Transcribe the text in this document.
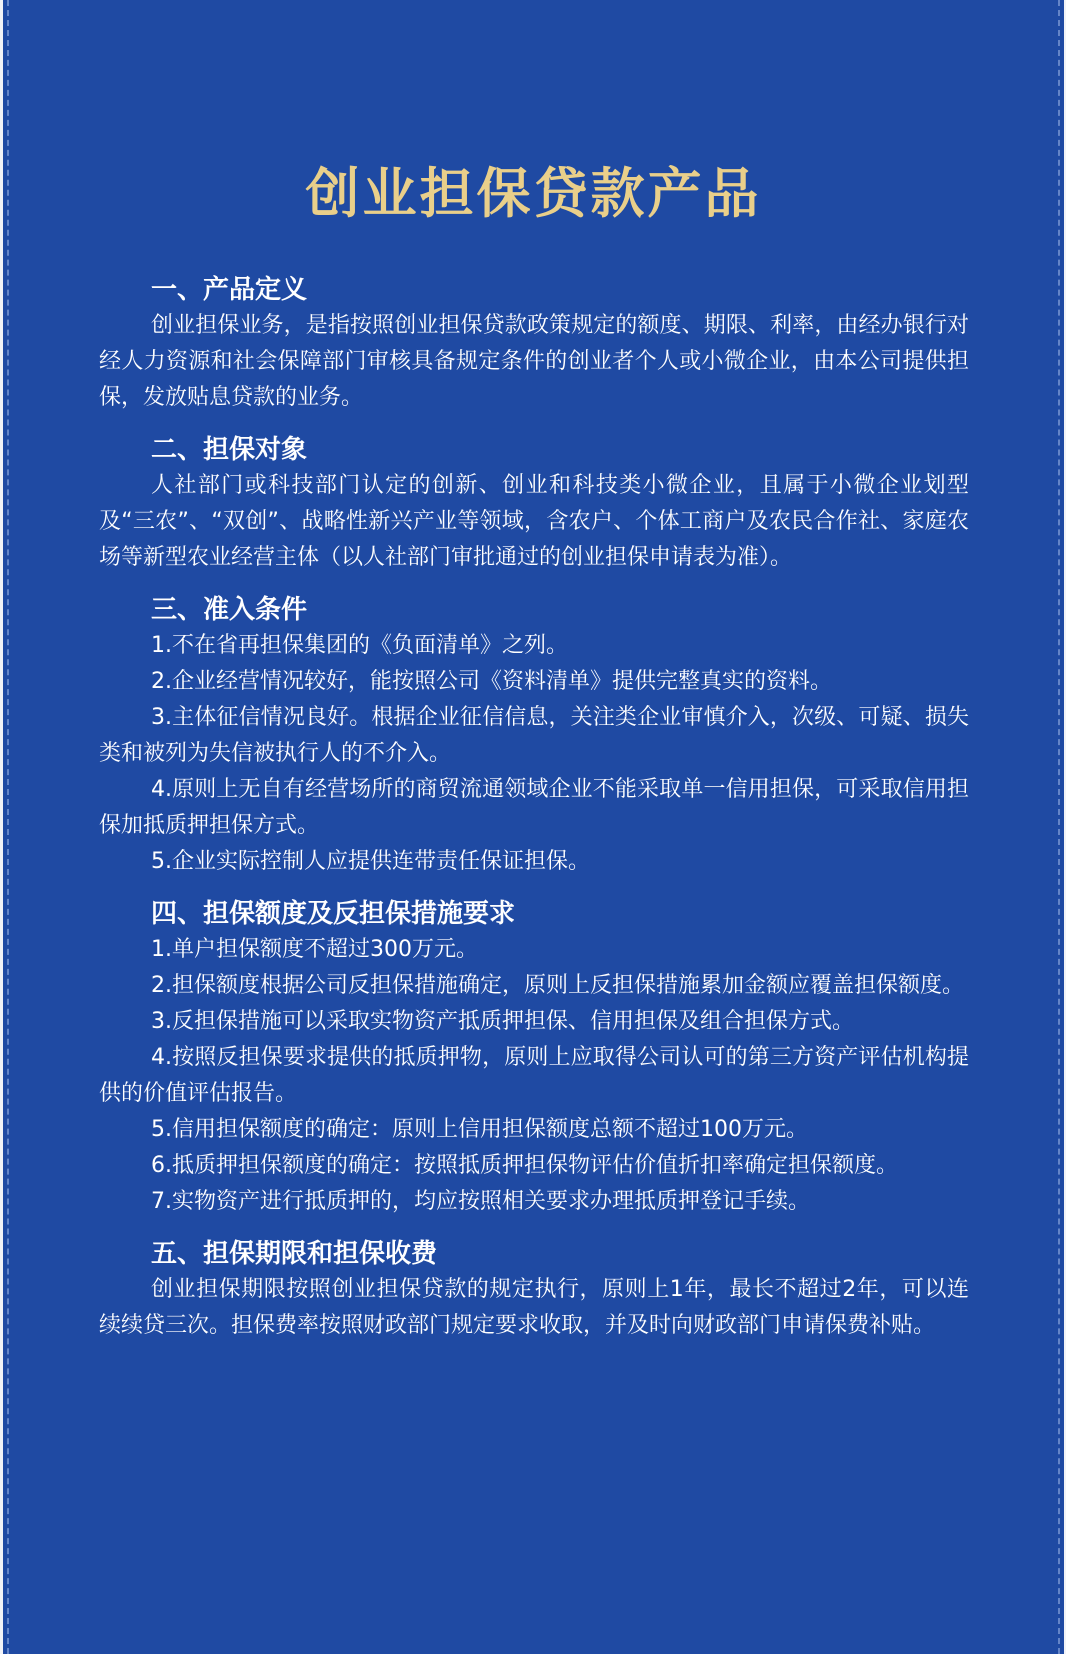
创业担保贷款产品
一、产品定义

创业担保业务，是指按照创业担保贷款政策规定的额度、期限、利率，由经办银行对经人力资源和社会保障部门审核具备规定条件的创业者个人或小微企业，由本公司提供担保，发放贴息贷款的业务。

二、担保对象

人社部门或科技部门认定的创新、创业和科技类小微企业，且属于小微企业划型及“三农”、“双创”、战略性新兴产业等领域，含农户、个体工商户及农民合作社、家庭农场等新型农业经营主体（以人社部门审批通过的创业担保申请表为准）。

三、准入条件

1.不在省再担保集团的《负面清单》之列。

2.企业经营情况较好，能按照公司《资料清单》提供完整真实的资料。

3.主体征信情况良好。根据企业征信信息，关注类企业审慎介入，次级、可疑、损失类和被列为失信被执行人的不介入。

4.原则上无自有经营场所的商贸流通领域企业不能采取单一信用担保，可采取信用担保加抵质押担保方式。

5.企业实际控制人应提供连带责任保证担保。

四、担保额度及反担保措施要求

1.单户担保额度不超过300万元。

2.担保额度根据公司反担保措施确定，原则上反担保措施累加金额应覆盖担保额度。

3.反担保措施可以采取实物资产抵质押担保、信用担保及组合担保方式。

4.按照反担保要求提供的抵质押物，原则上应取得公司认可的第三方资产评估机构提供的价值评估报告。

5.信用担保额度的确定：原则上信用担保额度总额不超过100万元。

6.抵质押担保额度的确定：按照抵质押担保物评估价值折扣率确定担保额度。

7.实物资产进行抵质押的，均应按照相关要求办理抵质押登记手续。

五、担保期限和担保收费

创业担保期限按照创业担保贷款的规定执行，原则上1年，最长不超过2年，可以连续续贷三次。担保费率按照财政部门规定要求收取，并及时向财政部门申请保费补贴。
